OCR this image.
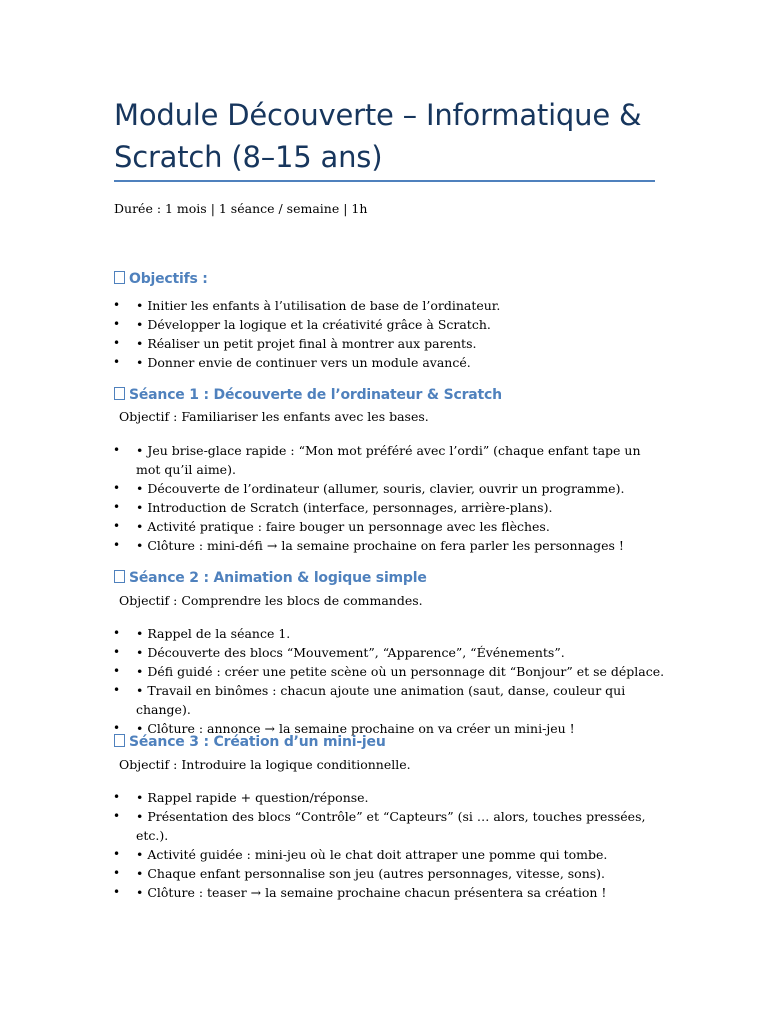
Module Découverte – Informatique & Scratch (8–15 ans)

Durée : 1 mois | 1 séance / semaine | 1h

Objectifs :
• • Initier les enfants à l’utilisation de base de l’ordinateur.
• • Développer la logique et la créativité grâce à Scratch.
• • Réaliser un petit projet final à montrer aux parents.
• • Donner envie de continuer vers un module avancé.
Séance 1 : Découverte de l’ordinateur & Scratch

Objectif : Familiariser les enfants avec les bases.

• • Jeu brise-glace rapide : “Mon mot préféré avec l’ordi” (chaque enfant tape un mot qu’il aime).
• • Découverte de l’ordinateur (allumer, souris, clavier, ouvrir un programme).
• • Introduction de Scratch (interface, personnages, arrière-plans).
• • Activité pratique : faire bouger un personnage avec les flèches.
• • Clôture : mini-défi → la semaine prochaine on fera parler les personnages !
Séance 2 : Animation & logique simple

Objectif : Comprendre les blocs de commandes.

• • Rappel de la séance 1.
• • Découverte des blocs “Mouvement”, “Apparence”, “Événements”.
• • Défi guidé : créer une petite scène où un personnage dit “Bonjour” et se déplace.
• • Travail en binômes : chacun ajoute une animation (saut, danse, couleur qui change).
• • Clôture : annonce → la semaine prochaine on va créer un mini-jeu !
Séance 3 : Création d’un mini-jeu

Objectif : Introduire la logique conditionnelle.

• • Rappel rapide + question/réponse.
• • Présentation des blocs “Contrôle” et “Capteurs” (si … alors, touches pressées, etc.).
• • Activité guidée : mini-jeu où le chat doit attraper une pomme qui tombe.
• • Chaque enfant personnalise son jeu (autres personnages, vitesse, sons).
• • Clôture : teaser → la semaine prochaine chacun présentera sa création !
